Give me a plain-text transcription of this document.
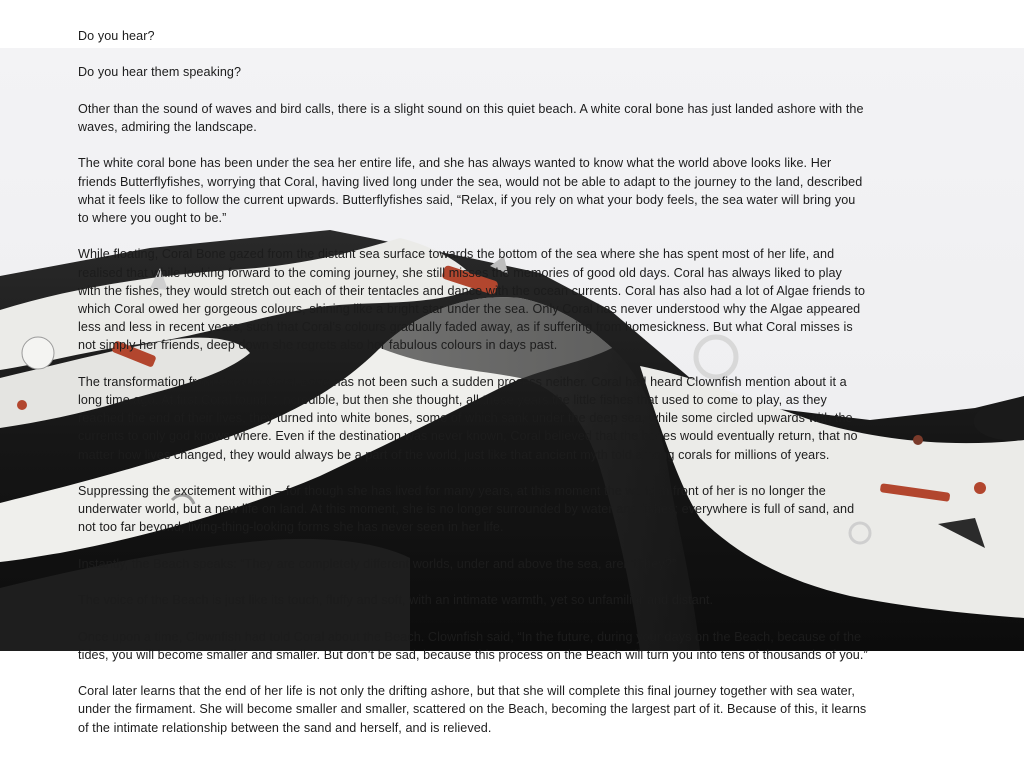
Do you hear?

Do you hear them speaking?

Other than the sound of waves and bird calls, there is a slight sound on this quiet beach. A white coral bone has just landed ashore with the waves, admiring the landscape.

The white coral bone has been under the sea her entire life, and she has always wanted to know what the world above looks like. Her friends Butterflyfishes, worrying that Coral, having lived long under the sea, would not be able to adapt to the journey to the land, described what it feels like to follow the current upwards. Butterflyfishes said, “Relax, if you rely on what your body feels, the sea water will bring you to where you ought to be.”

While floating, Coral Bone gazed from the distant sea surface towards the bottom of the sea where she has spent most of her life, and realised that while looking forward to the coming journey, she still misses the memories of good old days. Coral has always liked to play with the fishes, they would stretch out each of their tentacles and dance with the ocean currents. Coral has also had a lot of Algae friends to which Coral owed her gorgeous colours, shining like a bright star under the sea. Only Coral has never understood why the Algae appeared less and less in recent years, such that Coral’s colours gradually faded away, as if suffering from homesickness. But what Coral misses is not simply her friends, deep down she regrets also her fabulous colours in days past.

The transformation from Coral to Coral Bone has not been such a sudden process neither. Coral had heard Clownfish mention about it a long time ago. At first Coral found it incredible, but then she thought, all these years the little fishes that used to come to play, as they reached the end of their lives, they turned into white bones, some of which sank under the deep sea, while some circled upwards with the currents to only god knows where. Even if the destination was never known, Coral believed that the bones would eventually return, that no matter how lives changed, they would always be a part of the world, just like that ancient myth told among corals for millions of years.

Suppressing the excitement within – for though she has lived for many years, at this moment the world in front of her is no longer the underwater world, but a new life on land. At this moment, she is no longer surrounded by water and fishes; everywhere is full of sand, and not too far beyond, living-thing-looking forms she has never seen in her life.

Instantly, the Beach speaks: “They are completely different worlds, under and above the sea, aren’t they?”

The voice of the Beach is just like its touch, fluffy and soft, with an intimate warmth, yet so unfamiliar and distant.

Once upon a time, Clownfish had told Coral about the Beach. Clownfish said, “In the future, during your days on the Beach, because of the tides, you will become smaller and smaller. But don’t be sad, because this process on the Beach will turn you into tens of thousands of you.”

Coral later learns that the end of her life is not only the drifting ashore, but that she will complete this final journey together with sea water, under the firmament. She will become smaller and smaller, scattered on the Beach, becoming the largest part of it. Because of this, it learns of the intimate relationship between the sand and herself, and is relieved.
